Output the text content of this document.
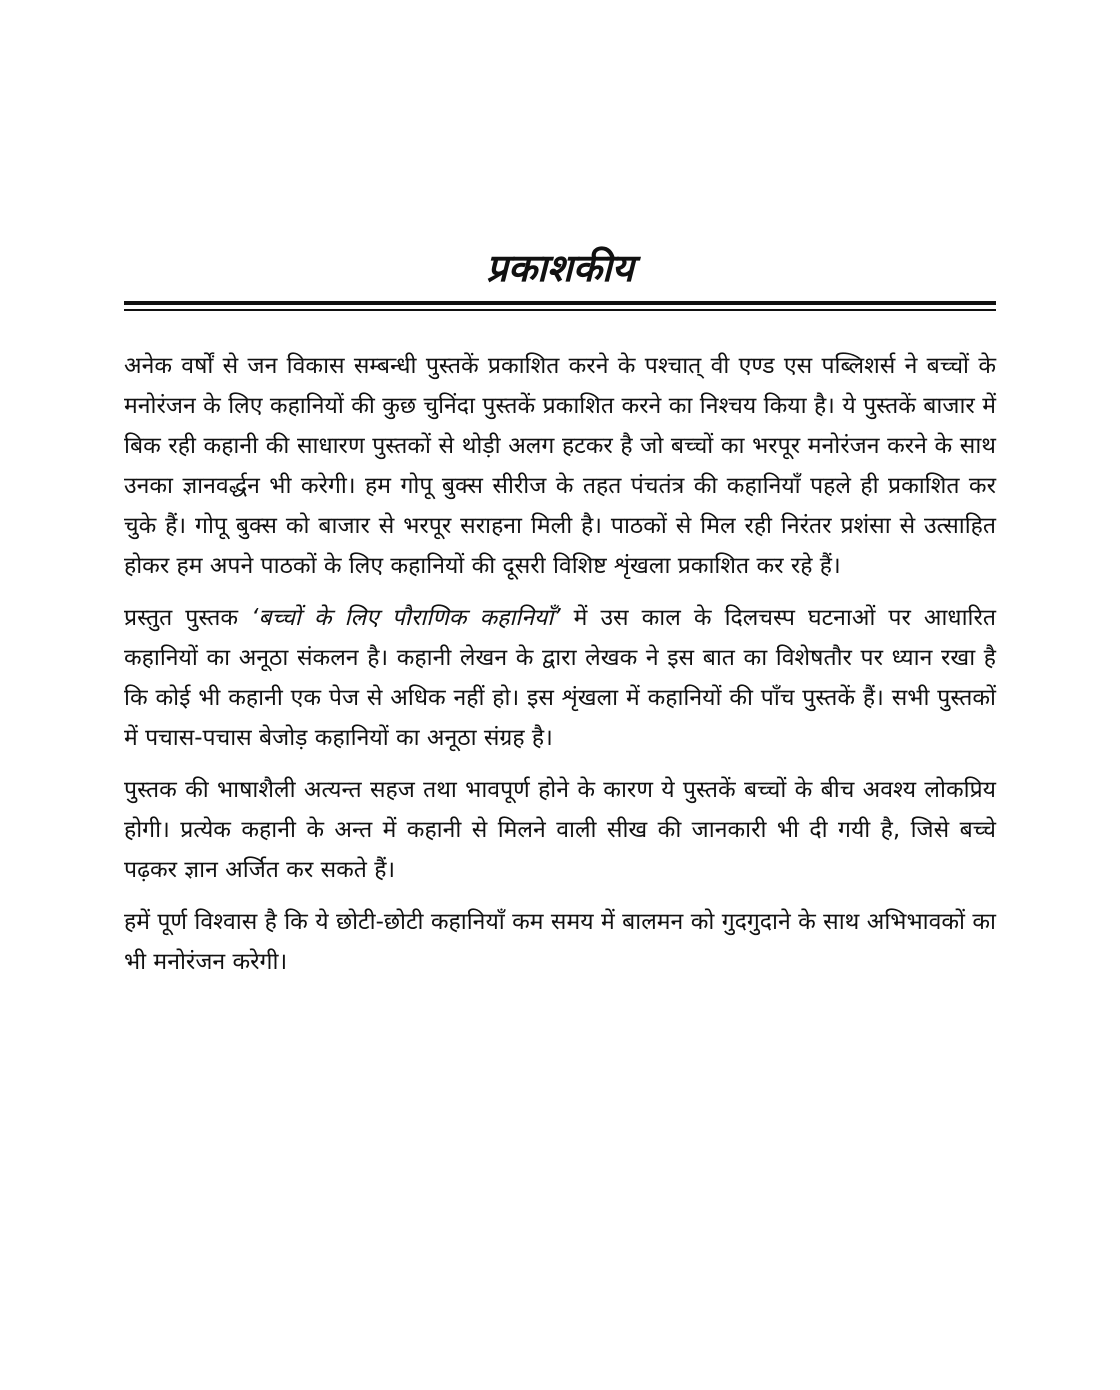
प्रकाशकीय

अनेक वर्षों से जन विकास सम्बन्धी पुस्तकें प्रकाशित करने के पश्चात् वी एण्ड एस पब्लिशर्स ने बच्चों के मनोरंजन के लिए कहानियों की कुछ चुनिंदा पुस्तकें प्रकाशित करने का निश्चय किया है। ये पुस्तकें बाजार में बिक रही कहानी की साधारण पुस्तकों से थोड़ी अलग हटकर है जो बच्चों का भरपूर मनोरंजन करने के साथ उनका ज्ञानवर्द्धन भी करेगी। हम गोपू बुक्स सीरीज के तहत पंचतंत्र की कहानियाँ पहले ही प्रकाशित कर चुके हैं। गोपू बुक्स को बाजार से भरपूर सराहना मिली है। पाठकों से मिल रही निरंतर प्रशंसा से उत्साहित होकर हम अपने पाठकों के लिए कहानियों की दूसरी विशिष्ट शृंखला प्रकाशित कर रहे हैं।

प्रस्तुत पुस्तक ‘बच्चों के लिए पौराणिक कहानियाँ’ में उस काल के दिलचस्प घटनाओं पर आधारित कहानियों का अनूठा संकलन है। कहानी लेखन के द्वारा लेखक ने इस बात का विशेषतौर पर ध्यान रखा है कि कोई भी कहानी एक पेज से अधिक नहीं हो। इस शृंखला में कहानियों की पाँच पुस्तकें हैं। सभी पुस्तकों में पचास-पचास बेजोड़ कहानियों का अनूठा संग्रह है।

पुस्तक की भाषाशैली अत्यन्त सहज तथा भावपूर्ण होने के कारण ये पुस्तकें बच्चों के बीच अवश्य लोकप्रिय होगी। प्रत्येक कहानी के अन्त में कहानी से मिलने वाली सीख की जानकारी भी दी गयी है, जिसे बच्चे पढ़कर ज्ञान अर्जित कर सकते हैं।

हमें पूर्ण विश्वास है कि ये छोटी-छोटी कहानियाँ कम समय में बालमन को गुदगुदाने के साथ अभिभावकों का भी मनोरंजन करेगी।
